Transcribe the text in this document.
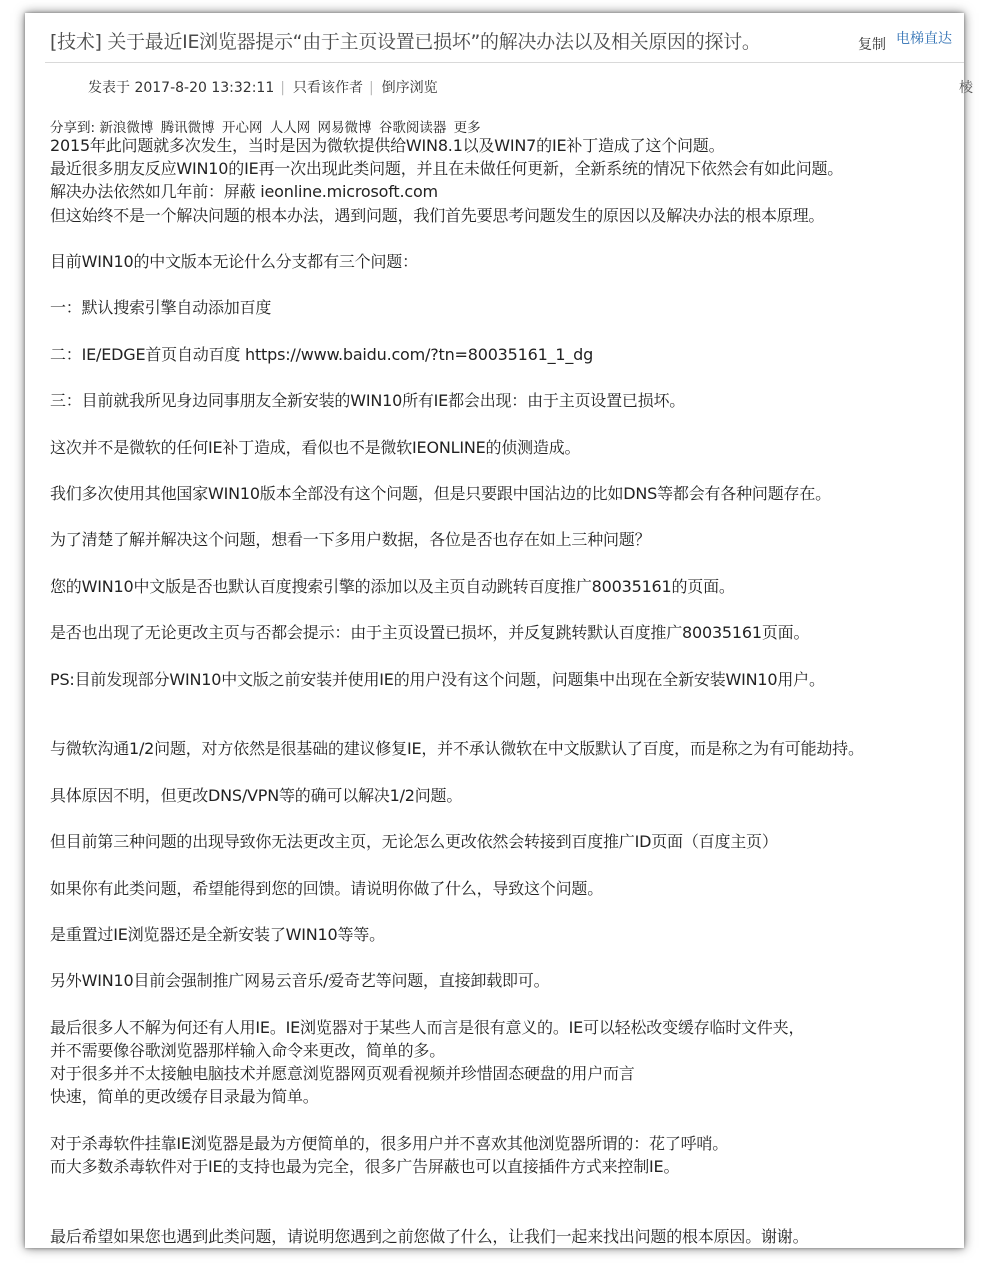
[技术] 关于最近IE浏览器提示“由于主页设置已损坏”的解决办法以及相关原因的探讨。	复制 电梯直达
发表于 2017-8-20 13:32:11 | 只看该作者 | 倒序浏览	棱
分享到: 新浪微博 腾讯微博 开心网 人人网 网易微博 谷歌阅读器 更多
2015年此问题就多次发生，当时是因为微软提供给WIN8.1以及WIN7的IE补丁造成了这个问题。
最近很多朋友反应WIN10的IE再一次出现此类问题，并且在未做任何更新，全新系统的情况下依然会有如此问题。
解决办法依然如几年前：屏蔽 ieonline.microsoft.com
但这始终不是一个解决问题的根本办法，遇到问题，我们首先要思考问题发生的原因以及解决办法的根本原理。

目前WIN10的中文版本无论什么分支都有三个问题：

一：默认搜索引擎自动添加百度

二：IE/EDGE首页自动百度 https://www.baidu.com/?tn=80035161_1_dg

三：目前就我所见身边同事朋友全新安装的WIN10所有IE都会出现：由于主页设置已损坏。

这次并不是微软的任何IE补丁造成，看似也不是微软IEONLINE的侦测造成。

我们多次使用其他国家WIN10版本全部没有这个问题，但是只要跟中国沾边的比如DNS等都会有各种问题存在。

为了清楚了解并解决这个问题，想看一下多用户数据，各位是否也存在如上三种问题？

您的WIN10中文版是否也默认百度搜索引擎的添加以及主页自动跳转百度推广80035161的页面。

是否也出现了无论更改主页与否都会提示：由于主页设置已损坏，并反复跳转默认百度推广80035161页面。

PS:目前发现部分WIN10中文版之前安装并使用IE的用户没有这个问题，问题集中出现在全新安装WIN10用户。

与微软沟通1/2问题，对方依然是很基础的建议修复IE，并不承认微软在中文版默认了百度，而是称之为有可能劫持。

具体原因不明，但更改DNS/VPN等的确可以解决1/2问题。

但目前第三种问题的出现导致你无法更改主页，无论怎么更改依然会转接到百度推广ID页面（百度主页）

如果你有此类问题，希望能得到您的回馈。请说明你做了什么，导致这个问题。

是重置过IE浏览器还是全新安装了WIN10等等。

另外WIN10目前会强制推广网易云音乐/爱奇艺等问题，直接卸载即可。

最后很多人不解为何还有人用IE。IE浏览器对于某些人而言是很有意义的。IE可以轻松改变缓存临时文件夹，
并不需要像谷歌浏览器那样输入命令来更改，简单的多。
对于很多并不太接触电脑技术并愿意浏览器网页观看视频并珍惜固态硬盘的用户而言
快速，简单的更改缓存目录最为简单。

对于杀毒软件挂靠IE浏览器是最为方便简单的，很多用户并不喜欢其他浏览器所谓的：花了呼哨。
而大多数杀毒软件对于IE的支持也最为完全，很多广告屏蔽也可以直接插件方式来控制IE。

最后希望如果您也遇到此类问题，请说明您遇到之前您做了什么，让我们一起来找出问题的根本原因。谢谢。
